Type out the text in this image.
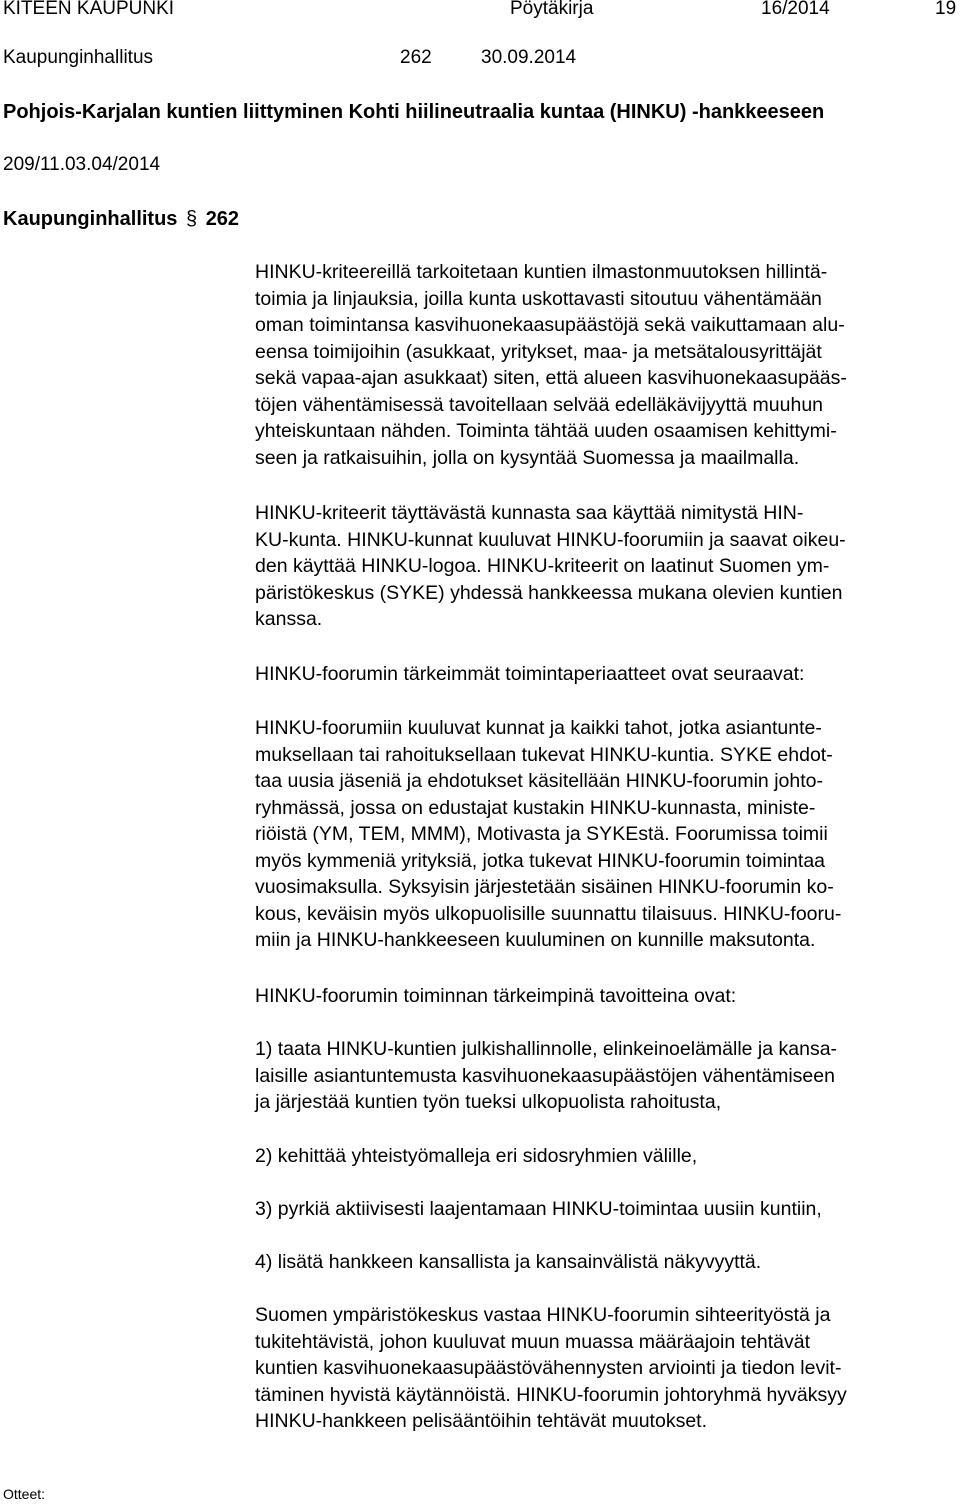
KITEEN KAUPUNKI	Pöytäkirja	16/2014	19
Kaupunginhallitus	262	30.09.2014
Pohjois-Karjalan kuntien liittyminen Kohti hiilineutraalia kuntaa (HINKU) -hankkeeseen
209/11.03.04/2014
Kaupunginhallitus § 262

HINKU-kriteereillä tarkoitetaan kuntien ilmastonmuutoksen hillintä-
toimia ja linjauksia, joilla kunta uskottavasti sitoutuu vähentämään
oman toimintansa kasvihuonekaasupäästöjä sekä vaikuttamaan alu-
eensa toimijoihin (asukkaat, yritykset, maa- ja metsätalousyrittäjät
sekä vapaa-ajan asukkaat) siten, että alueen kasvihuonekaasupääs-
töjen vähentämisessä tavoitellaan selvää edelläkävijyyttä muuhun
yhteiskuntaan nähden. Toiminta tähtää uuden osaamisen kehittymi-
seen ja ratkaisuihin, jolla on kysyntää Suomessa ja maailmalla.

HINKU-kriteerit täyttävästä kunnasta saa käyttää nimitystä HIN-
KU-kunta. HINKU-kunnat kuuluvat HINKU-foorumiin ja saavat oikeu-
den käyttää HINKU-logoa. HINKU-kriteerit on laatinut Suomen ym-
päristökeskus (SYKE) yhdessä hankkeessa mukana olevien kuntien
kanssa.

HINKU-foorumin tärkeimmät toimintaperiaatteet ovat seuraavat:

HINKU-foorumiin kuuluvat kunnat ja kaikki tahot, jotka asiantunte-
muksellaan tai rahoituksellaan tukevat HINKU-kuntia. SYKE ehdot-
taa uusia jäseniä ja ehdotukset käsitellään HINKU-foorumin johto-
ryhmässä, jossa on edustajat kustakin HINKU-kunnasta, ministe-
riöistä (YM, TEM, MMM), Motivasta ja SYKEstä. Foorumissa toimii
myös kymmeniä yrityksiä, jotka tukevat HINKU-foorumin toimintaa
vuosimaksulla. Syksyisin järjestetään sisäinen HINKU-foorumin ko-
kous, keväisin myös ulkopuolisille suunnattu tilaisuus. HINKU-fooru-
miin ja HINKU-hankkeeseen kuuluminen on kunnille maksutonta.

HINKU-foorumin toiminnan tärkeimpinä tavoitteina ovat:

1) taata HINKU-kuntien julkishallinnolle, elinkeinoelämälle ja kansa-
laisille asiantuntemusta kasvihuonekaasupäästöjen vähentämiseen
ja järjestää kuntien työn tueksi ulkopuolista rahoitusta,

2) kehittää yhteistyömalleja eri sidosryhmien välille,

3) pyrkiä aktiivisesti laajentamaan HINKU-toimintaa uusiin kuntiin,

4) lisätä hankkeen kansallista ja kansainvälistä näkyvyyttä.

Suomen ympäristökeskus vastaa HINKU-foorumin sihteerityöstä ja
tukitehtävistä, johon kuuluvat muun muassa määräajoin tehtävät
kuntien kasvihuonekaasupäästövähennysten arviointi ja tiedon levit-
täminen hyvistä käytännöistä. HINKU-foorumin johtoryhmä hyväksyy
HINKU-hankkeen pelisääntöihin tehtävät muutokset.

Otteet:
